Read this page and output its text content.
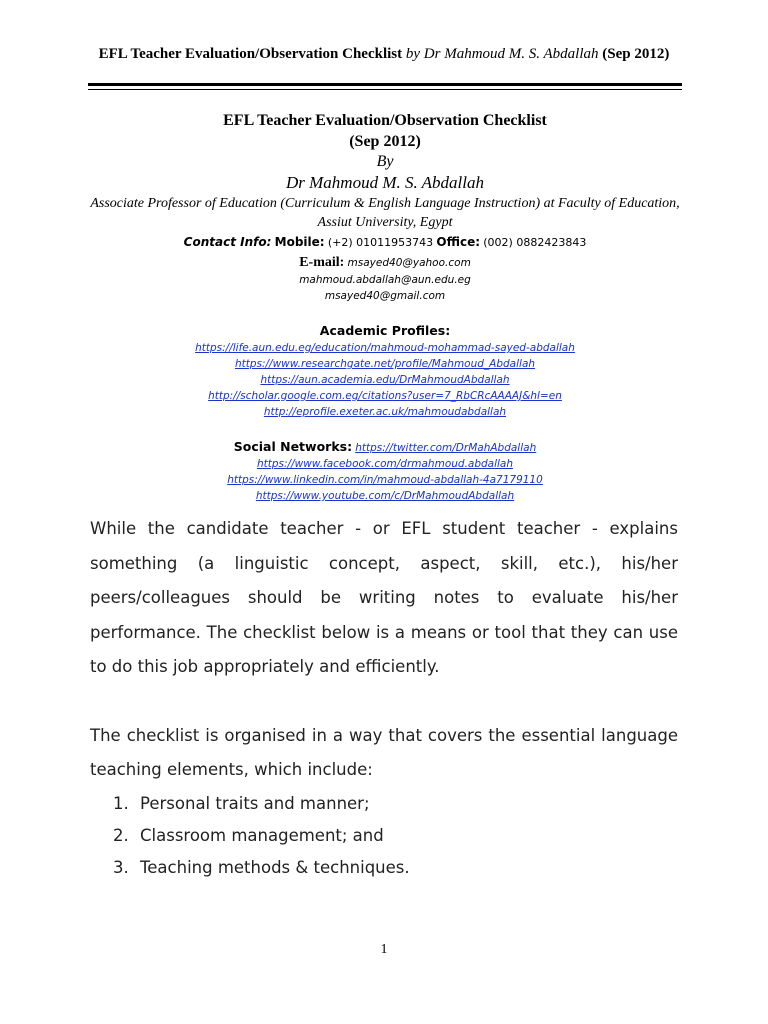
EFL Teacher Evaluation/Observation Checklist by Dr Mahmoud M. S. Abdallah (Sep 2012)
EFL Teacher Evaluation/Observation Checklist
(Sep 2012)
By
Dr Mahmoud M. S. Abdallah
Associate Professor of Education (Curriculum & English Language Instruction) at Faculty of Education, Assiut University, Egypt
Contact Info: Mobile: (+2) 01011953743 Office: (002) 0882423843
E-mail: msayed40@yahoo.com
mahmoud.abdallah@aun.edu.eg
msayed40@gmail.com
Academic Profiles:
https://life.aun.edu.eg/education/mahmoud-mohammad-sayed-abdallah
https://www.researchgate.net/profile/Mahmoud_Abdallah
https://aun.academia.edu/DrMahmoudAbdallah
http://scholar.google.com.eg/citations?user=7_RbCRcAAAAJ&hl=en
http://eprofile.exeter.ac.uk/mahmoudabdallah
Social Networks: https://twitter.com/DrMahAbdallah
https://www.facebook.com/drmahmoud.abdallah
https://www.linkedin.com/in/mahmoud-abdallah-4a7179110
https://www.youtube.com/c/DrMahmoudAbdallah

While the candidate teacher - or EFL student teacher - explains something (a linguistic concept, aspect, skill, etc.), his/her peers/colleagues should be writing notes to evaluate his/her performance. The checklist below is a means or tool that they can use to do this job appropriately and efficiently.

The checklist is organised in a way that covers the essential language teaching elements, which include:

1. Personal traits and manner;
2. Classroom management; and
3. Teaching methods & techniques.
1
